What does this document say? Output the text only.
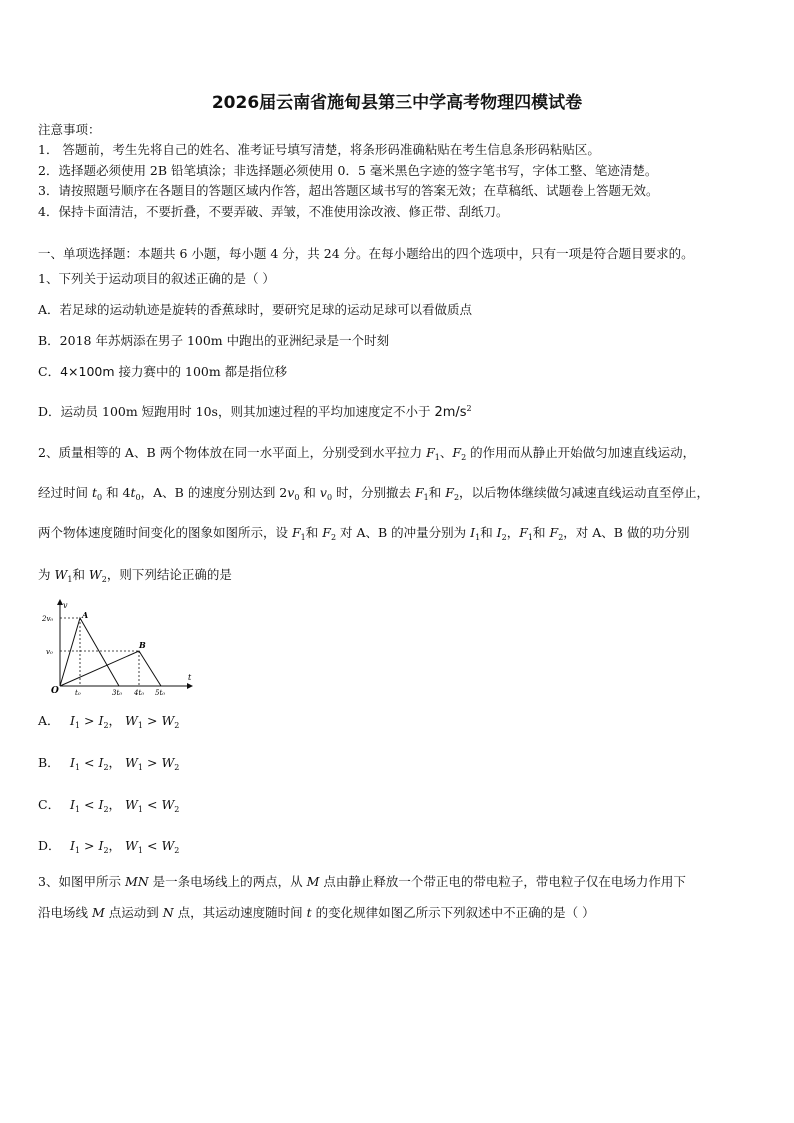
2026届云南省施甸县第三中学高考物理四模试卷
注意事项：
1． 答题前，考生先将自己的姓名、准考证号填写清楚，将条形码准确粘贴在考生信息条形码粘贴区。
2．选择题必须使用 2B 铅笔填涂；非选择题必须使用 0．5 毫米黑色字迹的签字笔书写，字体工整、笔迹清楚。
3．请按照题号顺序在各题目的答题区域内作答，超出答题区域书写的答案无效；在草稿纸、试题卷上答题无效。
4．保持卡面清洁，不要折叠，不要弄破、弄皱，不准使用涂改液、修正带、刮纸刀。
一、单项选择题：本题共 6 小题，每小题 4 分，共 24 分。在每小题给出的四个选项中，只有一项是符合题目要求的。
1、下列关于运动项目的叙述正确的是（ ）
A．若足球的运动轨迹是旋转的香蕉球时，要研究足球的运动足球可以看做质点
B．2018 年苏炳添在男子 100m 中跑出的亚洲纪录是一个时刻
C．4×100m 接力赛中的 100m 都是指位移
D．运动员 100m 短跑用时 10s，则其加速过程的平均加速度定不小于 $2m/s^2$
2、质量相等的 A、B 两个物体放在同一水平面上，分别受到水平拉力 $F_1$、$F_2$ 的作用而从静止开始做匀加速直线运动，
经过时间 $t_0$ 和 $4t_0$，A、B 的速度分别达到 $2v_0$ 和 $v_0$ 时，分别撤去 $F_1$和 $F_2$，以后物体继续做匀减速直线运动直至停止，
两个物体速度随时间变化的图象如图所示，设 $F_1$和 $F_2$ 对 A、B 的冲量分别为 $I_1$和 $I_2$，$F_1$和 $F_2$，对 A、B 做的功分别
为 $W_1$和 $W_2$，则下列结论正确的是
v
t
O
2v₀
v₀
A
B
t₀	3t₀ 4t₀ 5t₀
A． $I_1 > I_2$， $W_1 > W_2$
B． $I_1 < I_2$， $W_1 > W_2$
C． $I_1 < I_2$， $W_1 < W_2$
D． $I_1 > I_2$， $W_1 < W_2$
3、如图甲所示 MN 是一条电场线上的两点，从 M 点由静止释放一个带正电的带电粒子，带电粒子仅在电场力作用下
沿电场线 M 点运动到 N 点，其运动速度随时间 t 的变化规律如图乙所示下列叙述中不正确的是（ ）
